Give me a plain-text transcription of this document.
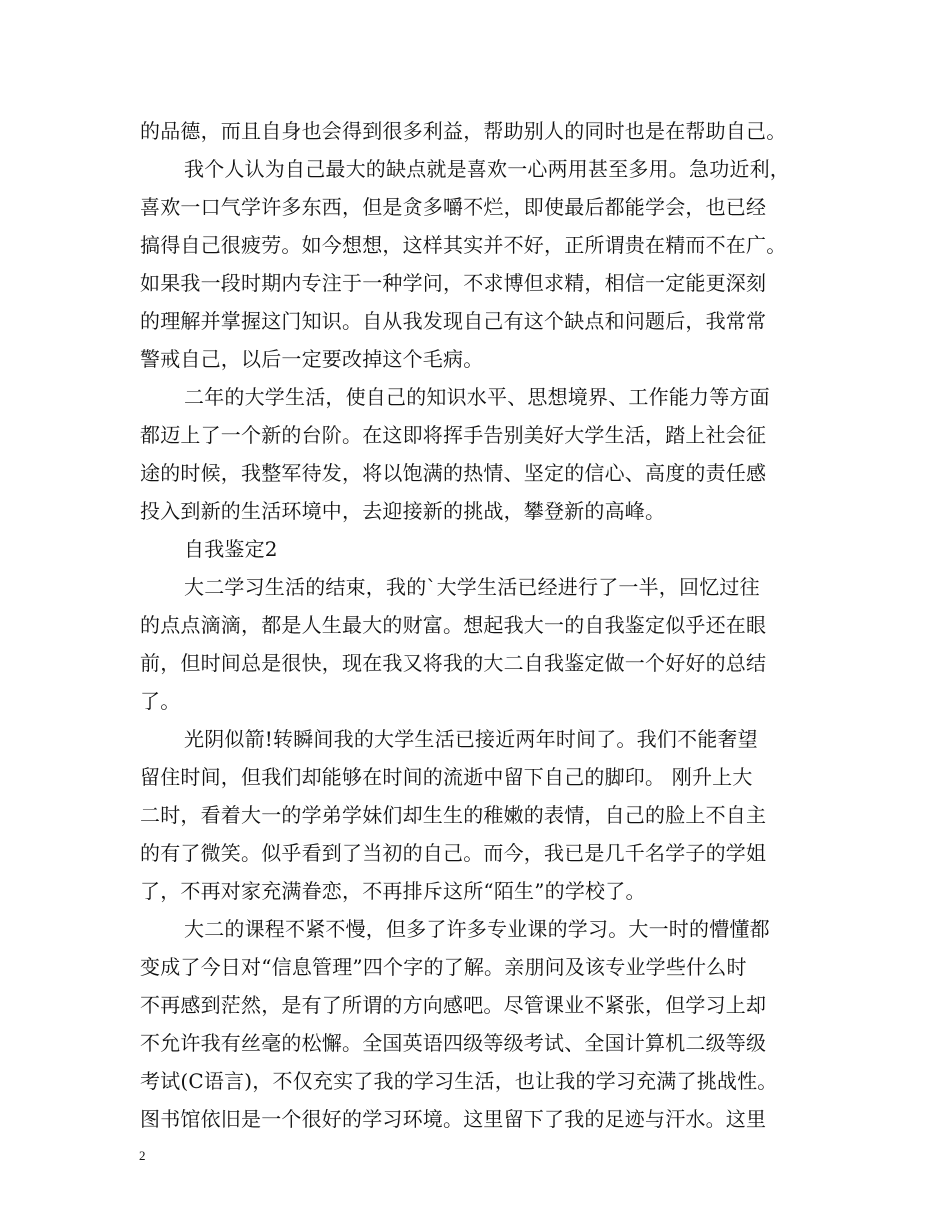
的品德，而且自身也会得到很多利益，帮助别人的同时也是在帮助自己。
我个人认为自己最大的缺点就是喜欢一心两用甚至多用。急功近利，
喜欢一口气学许多东西，但是贪多嚼不烂，即使最后都能学会，也已经
搞得自己很疲劳。如今想想，这样其实并不好，正所谓贵在精而不在广。
如果我一段时期内专注于一种学问，不求博但求精，相信一定能更深刻
的理解并掌握这门知识。自从我发现自己有这个缺点和问题后，我常常
警戒自己，以后一定要改掉这个毛病。
二年的大学生活，使自己的知识水平、思想境界、工作能力等方面
都迈上了一个新的台阶。在这即将挥手告别美好大学生活，踏上社会征
途的时候，我整军待发，将以饱满的热情、坚定的信心、高度的责任感
投入到新的生活环境中，去迎接新的挑战，攀登新的高峰。
自我鉴定2
大二学习生活的结束，我的`大学生活已经进行了一半，回忆过往
的点点滴滴，都是人生最大的财富。想起我大一的自我鉴定似乎还在眼
前，但时间总是很快，现在我又将我的大二自我鉴定做一个好好的总结
了。
光阴似箭!转瞬间我的大学生活已接近两年时间了。我们不能奢望
留住时间，但我们却能够在时间的流逝中留下自己的脚印。 刚升上大
二时，看着大一的学弟学妹们却生生的稚嫩的表情，自己的脸上不自主
的有了微笑。似乎看到了当初的自己。而今，我已是几千名学子的学姐
了，不再对家充满眷恋，不再排斥这所“陌生”的学校了。
大二的课程不紧不慢，但多了许多专业课的学习。大一时的懵懂都
变成了今日对“信息管理”四个字的了解。亲朋问及该专业学些什么时
不再感到茫然，是有了所谓的方向感吧。尽管课业不紧张，但学习上却
不允许我有丝毫的松懈。全国英语四级等级考试、全国计算机二级等级
考试(C语言)，不仅充实了我的学习生活，也让我的学习充满了挑战性。
图书馆依旧是一个很好的学习环境。这里留下了我的足迹与汗水。这里
2
